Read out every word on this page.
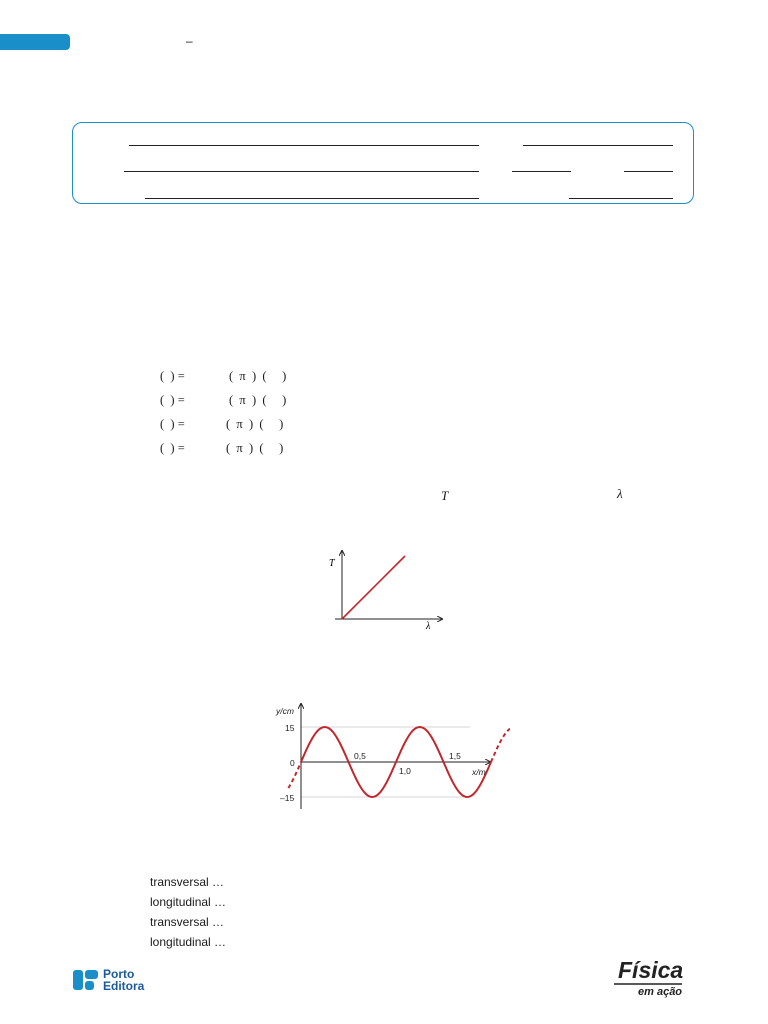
–
(  ) =	(  π  )  (     )
(  ) =	(  π  )  (     )
(  ) =	(  π  )  (     )
(  ) =	(  π  )  (     )
T	λ
T
λ
y/cm
x/m
15
0
–15
0,5
1,0
1,5
transversal …
longitudinal …
transversal …
longitudinal …
Porto
Editora
Física
em ação
